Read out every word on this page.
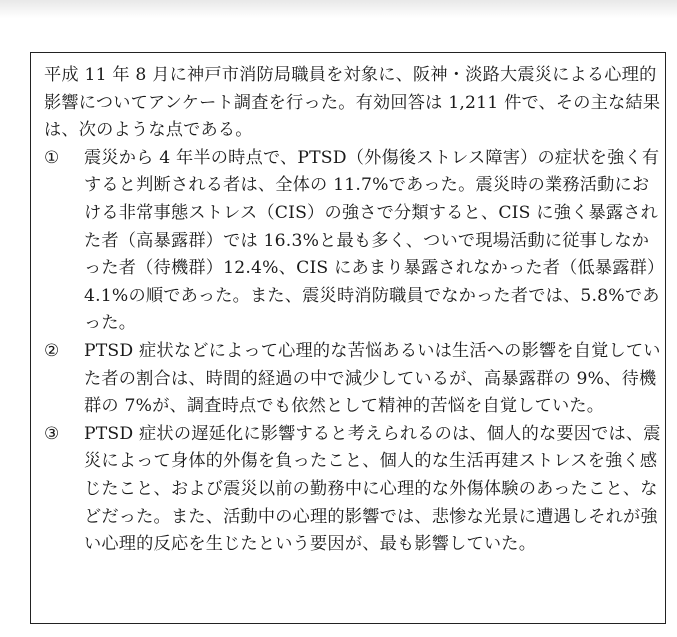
平成 11 年 8 月に神戸市消防局職員を対象に、阪神・淡路大震災による心理的影響についてアンケート調査を行った。有効回答は 1,211 件で、その主な結果は、次のような点である。

①	震災から 4 年半の時点で、PTSD（外傷後ストレス障害）の症状を強く有すると判断される者は、全体の 11.7%であった。震災時の業務活動における非常事態ストレス（CIS）の強さで分類すると、CIS に強く暴露された者（高暴露群）では 16.3%と最も多く、ついで現場活動に従事しなかった者（待機群）12.4%、CIS にあまり暴露されなかった者（低暴露群）4.1%の順であった。また、震災時消防職員でなかった者では、5.8%であった。
②	PTSD 症状などによって心理的な苦悩あるいは生活への影響を自覚していた者の割合は、時間的経過の中で減少しているが、高暴露群の 9%、待機群の 7%が、調査時点でも依然として精神的苦悩を自覚していた。
③	PTSD 症状の遅延化に影響すると考えられるのは、個人的な要因では、震災によって身体的外傷を負ったこと、個人的な生活再建ストレスを強く感じたこと、および震災以前の勤務中に心理的な外傷体験のあったこと、などだった。また、活動中の心理的影響では、悲惨な光景に遭遇しそれが強い心理的反応を生じたという要因が、最も影響していた。
